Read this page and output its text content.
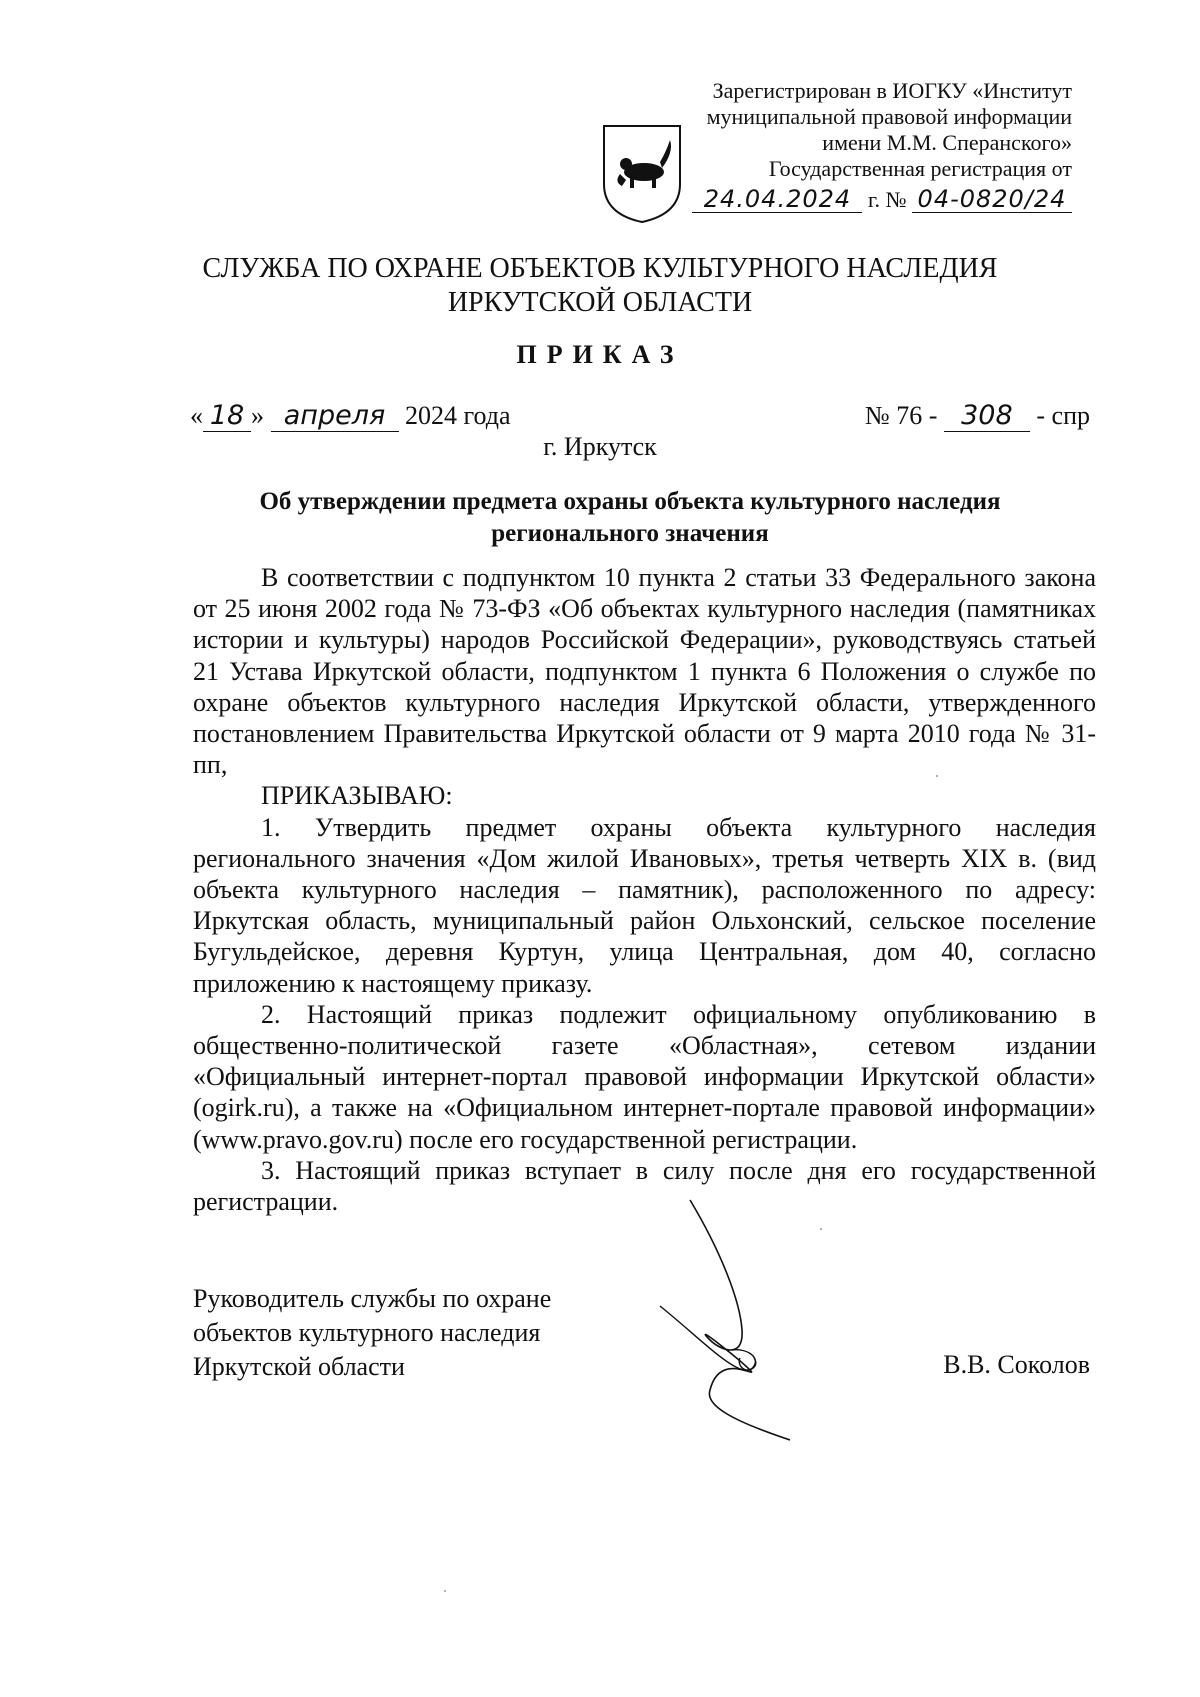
Зарегистрирован в ИОГКУ «Институт
муниципальной правовой информации
имени М.М. Сперанского»
Государственная регистрация от
24.04.2024 г. № 04-0820/24
СЛУЖБА ПО ОХРАНЕ ОБЪЕКТОВ КУЛЬТУРНОГО НАСЛЕДИЯ
ИРКУТСКОЙ ОБЛАСТИ
ПРИКАЗ
« 18 » апреля 2024 года	№ 76 - 308 - спр
г. Иркутск
Об утверждении предмета охраны объекта культурного наследия
регионального значения

В соответствии с подпунктом 10 пункта 2 статьи 33 Федерального закона от 25 июня 2002 года № 73-ФЗ «Об объектах культурного наследия (памятниках истории и культуры) народов Российской Федерации», руководствуясь статьей 21 Устава Иркутской области, подпунктом 1 пункта 6 Положения о службе по охране объектов культурного наследия Иркутской области, утвержденного постановлением Правительства Иркутской области от 9 марта 2010 года № 31-пп,

ПРИКАЗЫВАЮ:

1. Утвердить предмет охраны объекта культурного наследия регионального значения «Дом жилой Ивановых», третья четверть XIX в. (вид объекта культурного наследия – памятник), расположенного по адресу: Иркутская область, муниципальный район Ольхонский, сельское поселение Бугульдейское, деревня Куртун, улица Центральная, дом 40, согласно приложению к настоящему приказу.

2. Настоящий приказ подлежит официальному опубликованию в общественно-политической газете «Областная», сетевом издании «Официальный интернет-портал правовой информации Иркутской области» (ogirk.ru), а также на «Официальном интернет-портале правовой информации» (www.pravo.gov.ru) после его государственной регистрации.

3. Настоящий приказ вступает в силу после дня его государственной регистрации.

Руководитель службы по охране
объектов культурного наследия
Иркутской области	В.В. Соколов
